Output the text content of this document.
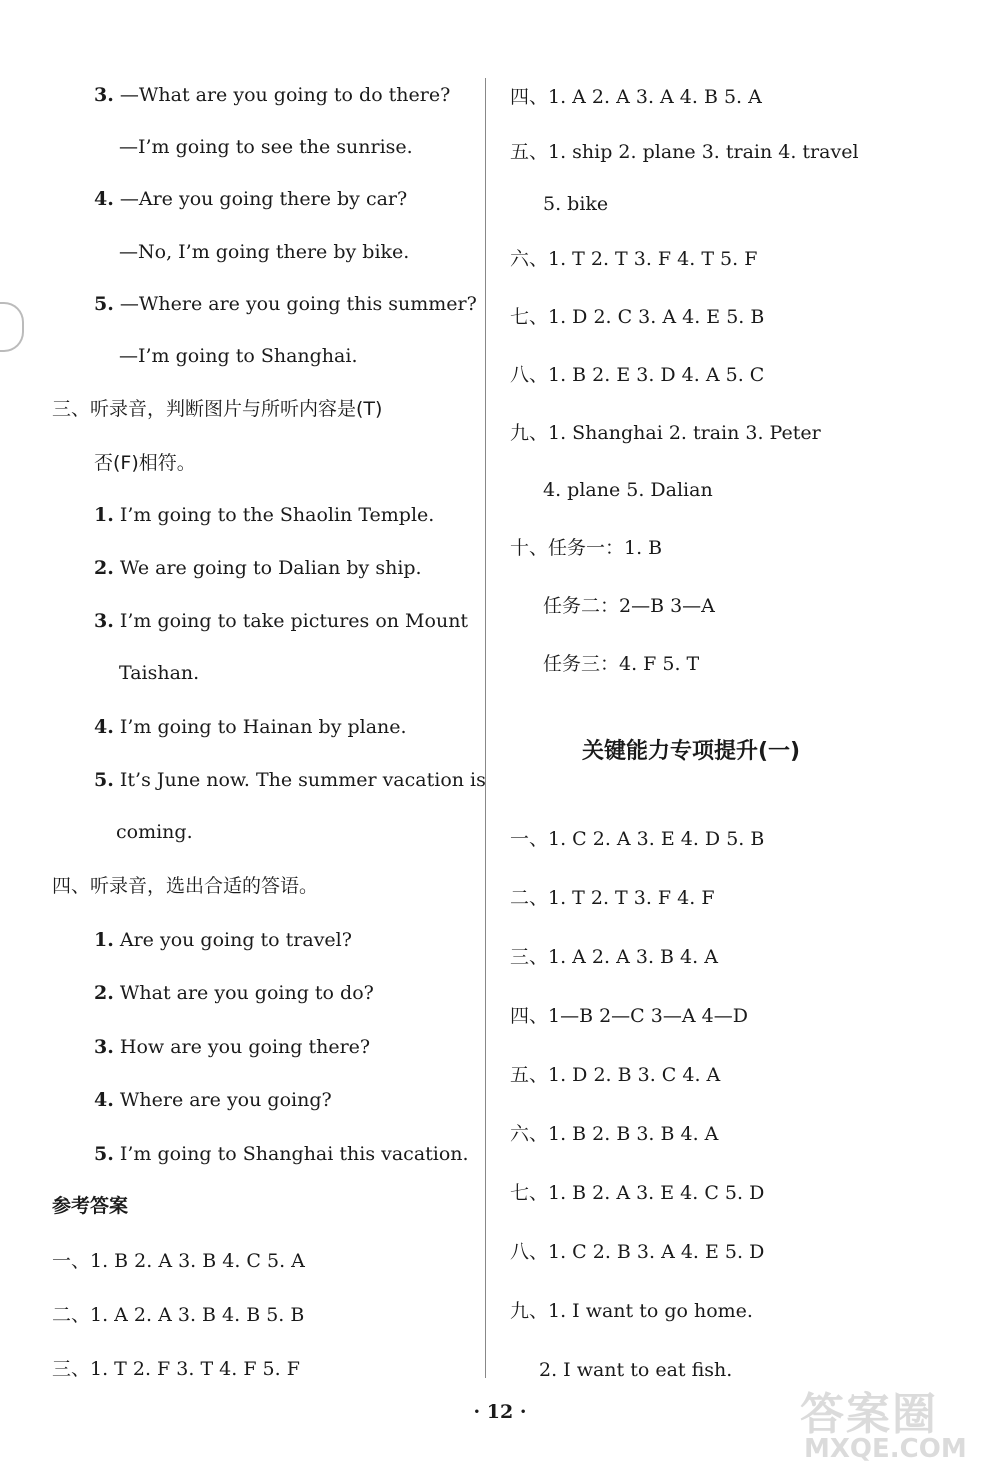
3. —What are you going to do there?
—I’m going to see the sunrise.
4. —Are you going there by car?
—No, I’m going there by bike.
5. —Where are you going this summer?
—I’m going to Shanghai.
三、听录音，判断图片与所听内容是(T)
否(F)相符。
1. I’m going to the Shaolin Temple.
2. We are going to Dalian by ship.
3. I’m going to take pictures on Mount
Taishan.
4. I’m going to Hainan by plane.
5. It’s June now. The summer vacation is
coming.
四、听录音，选出合适的答语。
1. Are you going to travel?
2. What are you going to do?
3. How are you going there?
4. Where are you going?
5. I’m going to Shanghai this vacation.
参考答案
一、1. B 2. A 3. B 4. C 5. A
二、1. A 2. A 3. B 4. B 5. B
三、1. T 2. F 3. T 4. F 5. F
四、1. A 2. A 3. A 4. B 5. A
五、1. ship 2. plane 3. train 4. travel
5. bike
六、1. T 2. T 3. F 4. T 5. F
七、1. D 2. C 3. A 4. E 5. B
八、1. B 2. E 3. D 4. A 5. C
九、1. Shanghai 2. train 3. Peter
4. plane 5. Dalian
十、任务一：1. B
任务二：2—B 3—A
任务三：4. F 5. T
关键能力专项提升(一)
一、1. C 2. A 3. E 4. D 5. B
二、1. T 2. T 3. F 4. F
三、1. A 2. A 3. B 4. A
四、1—B 2—C 3—A 4—D
五、1. D 2. B 3. C 4. A
六、1. B 2. B 3. B 4. A
七、1. B 2. A 3. E 4. C 5. D
八、1. C 2. B 3. A 4. E 5. D
九、1. I want to go home.
2. I want to eat fish.
· 12 ·	答案圈
MXQE.COM
